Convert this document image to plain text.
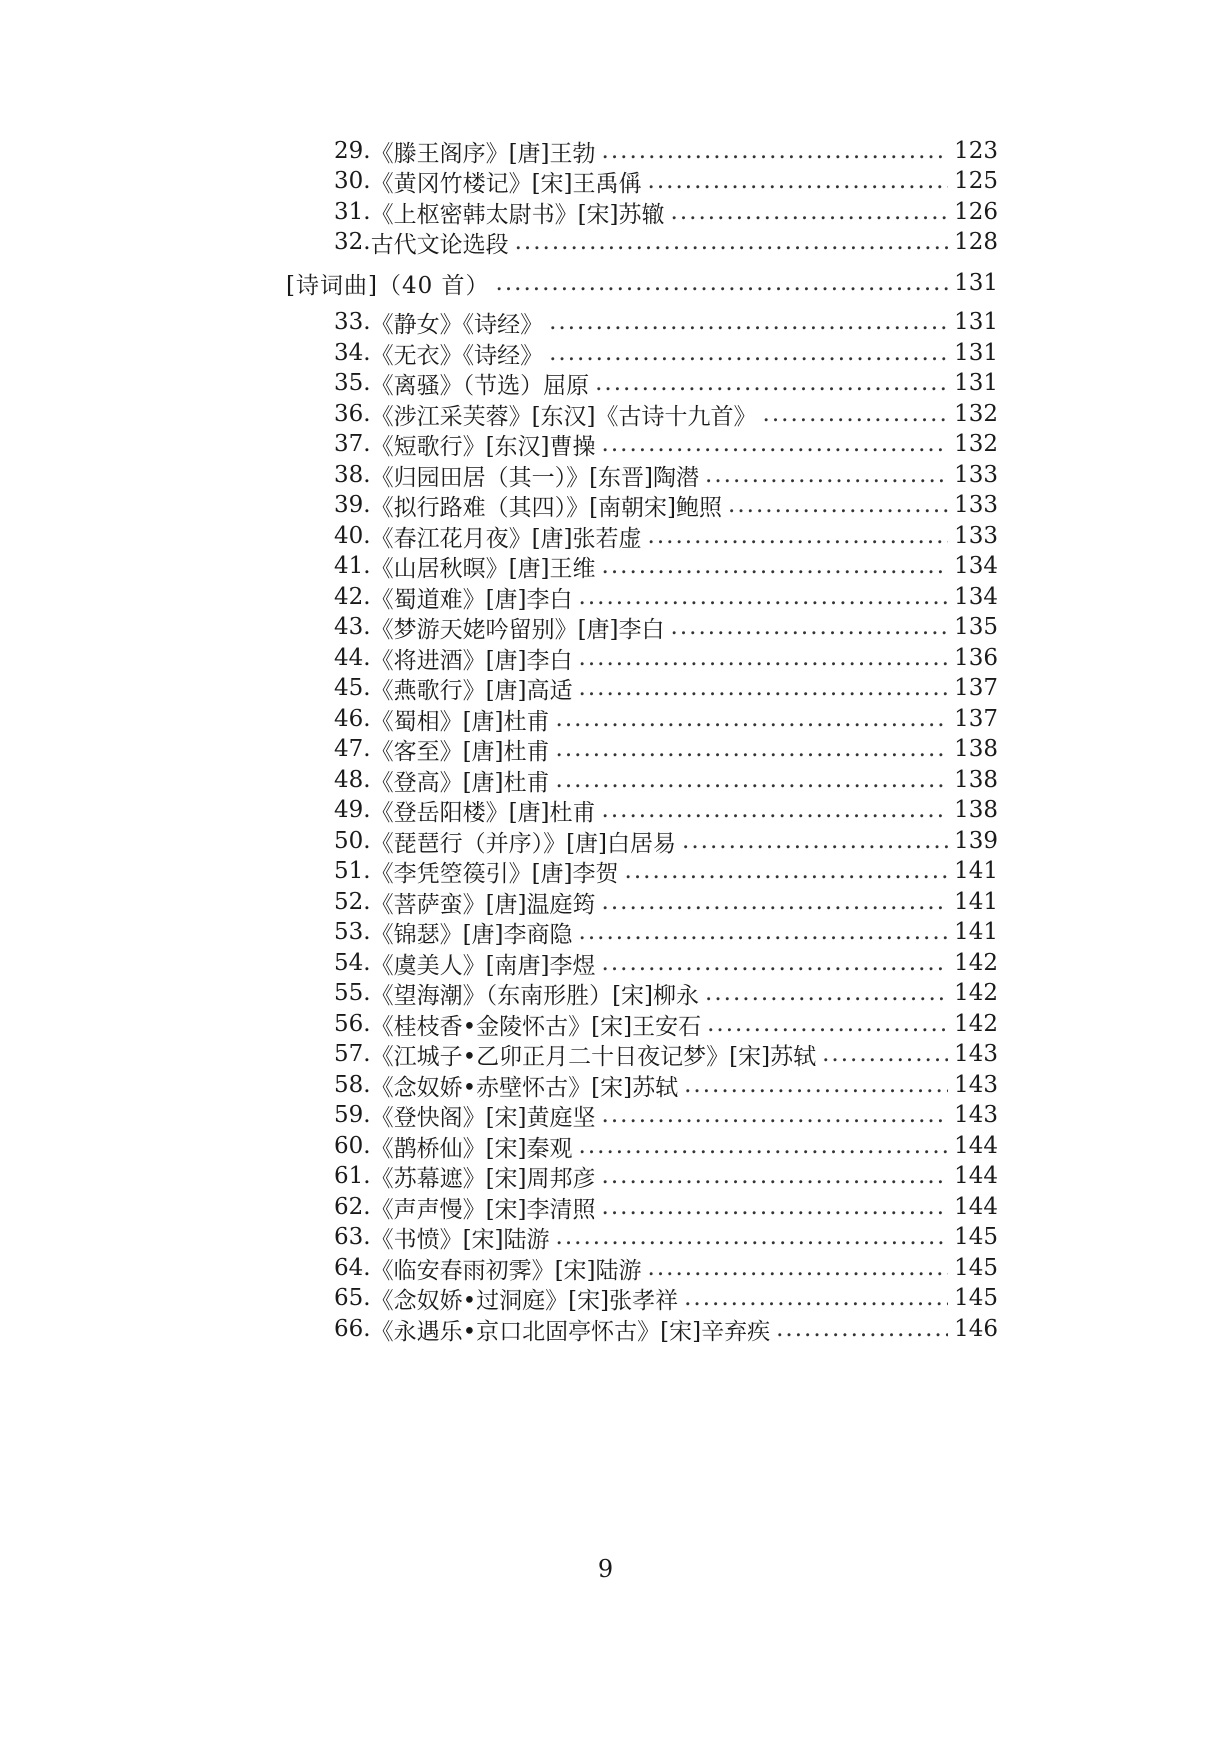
29. 《滕王阁序》[唐]王勃 .....	123
30. 《黄冈竹楼记》[宋]王禹偁 .....	125
31. 《上枢密韩太尉书》[宋]苏辙 .....	126
32. 古代文论选段 .....	128
[诗词曲]（40 首） .....	131
33. 《静女》《诗经》 .....	131
34. 《无衣》《诗经》 .....	131
35. 《离骚》（节选）屈原 .....	131
36. 《涉江采芙蓉》[东汉]《古诗十九首》 .....	132
37. 《短歌行》[东汉]曹操 .....	132
38. 《归园田居（其一）》[东晋]陶潜 .....	133
39. 《拟行路难（其四）》[南朝宋]鲍照 .....	133
40. 《春江花月夜》[唐]张若虚 .....	133
41. 《山居秋暝》[唐]王维 .....	134
42. 《蜀道难》[唐]李白 .....	134
43. 《梦游天姥吟留别》[唐]李白 .....	135
44. 《将进酒》[唐]李白 .....	136
45. 《燕歌行》[唐]高适 .....	137
46. 《蜀相》[唐]杜甫 .....	137
47. 《客至》[唐]杜甫 .....	138
48. 《登高》[唐]杜甫 .....	138
49. 《登岳阳楼》[唐]杜甫 .....	138
50. 《琵琶行（并序）》[唐]白居易 .....	139
51. 《李凭箜篌引》[唐]李贺 .....	141
52. 《菩萨蛮》[唐]温庭筠 .....	141
53. 《锦瑟》[唐]李商隐 .....	141
54. 《虞美人》[南唐]李煜 .....	142
55. 《望海潮》（东南形胜）[宋]柳永 .....	142
56. 《桂枝香•金陵怀古》[宋]王安石 .....	142
57. 《江城子•乙卯正月二十日夜记梦》[宋]苏轼 .....	143
58. 《念奴娇•赤壁怀古》[宋]苏轼 .....	143
59. 《登快阁》[宋]黄庭坚 .....	143
60. 《鹊桥仙》[宋]秦观 .....	144
61. 《苏幕遮》[宋]周邦彦 .....	144
62. 《声声慢》[宋]李清照 .....	144
63. 《书愤》[宋]陆游 .....	145
64. 《临安春雨初霁》[宋]陆游 .....	145
65. 《念奴娇•过洞庭》[宋]张孝祥 .....	145
66. 《永遇乐•京口北固亭怀古》[宋]辛弃疾 .....	146
9
